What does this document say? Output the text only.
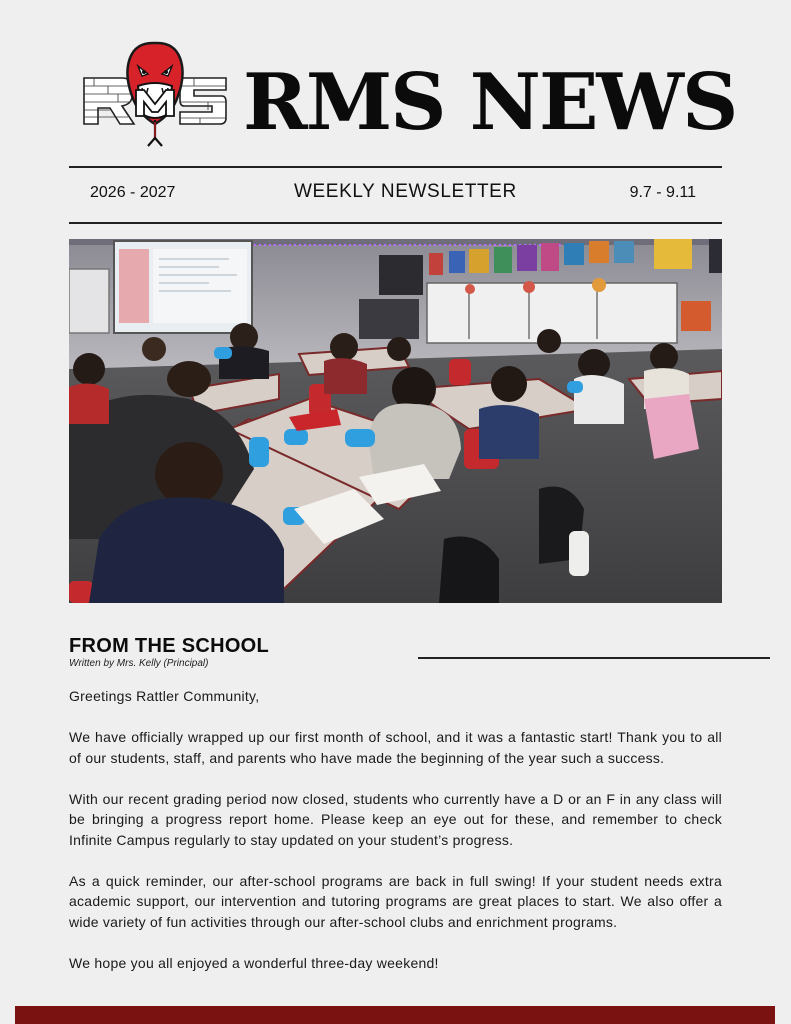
RMS NEWS
2026 - 2027	WEEKLY NEWSLETTER	9.7 - 9.11
FROM THE SCHOOL
Written by Mrs. Kelly (Principal)

Greetings Rattler Community,

We have officially wrapped up our first month of school, and it was a fantastic start! Thank you to all of our students, staff, and parents who have made the beginning of the year such a success.

With our recent grading period now closed, students who currently have a D or an F in any class will be bringing a progress report home. Please keep an eye out for these, and remember to check Infinite Campus regularly to stay updated on your student’s progress.

As a quick reminder, our after-school programs are back in full swing! If your student needs extra academic support, our intervention and tutoring programs are great places to start. We also offer a wide variety of fun activities through our after-school clubs and enrichment programs.

We hope you all enjoyed a wonderful three-day weekend!
